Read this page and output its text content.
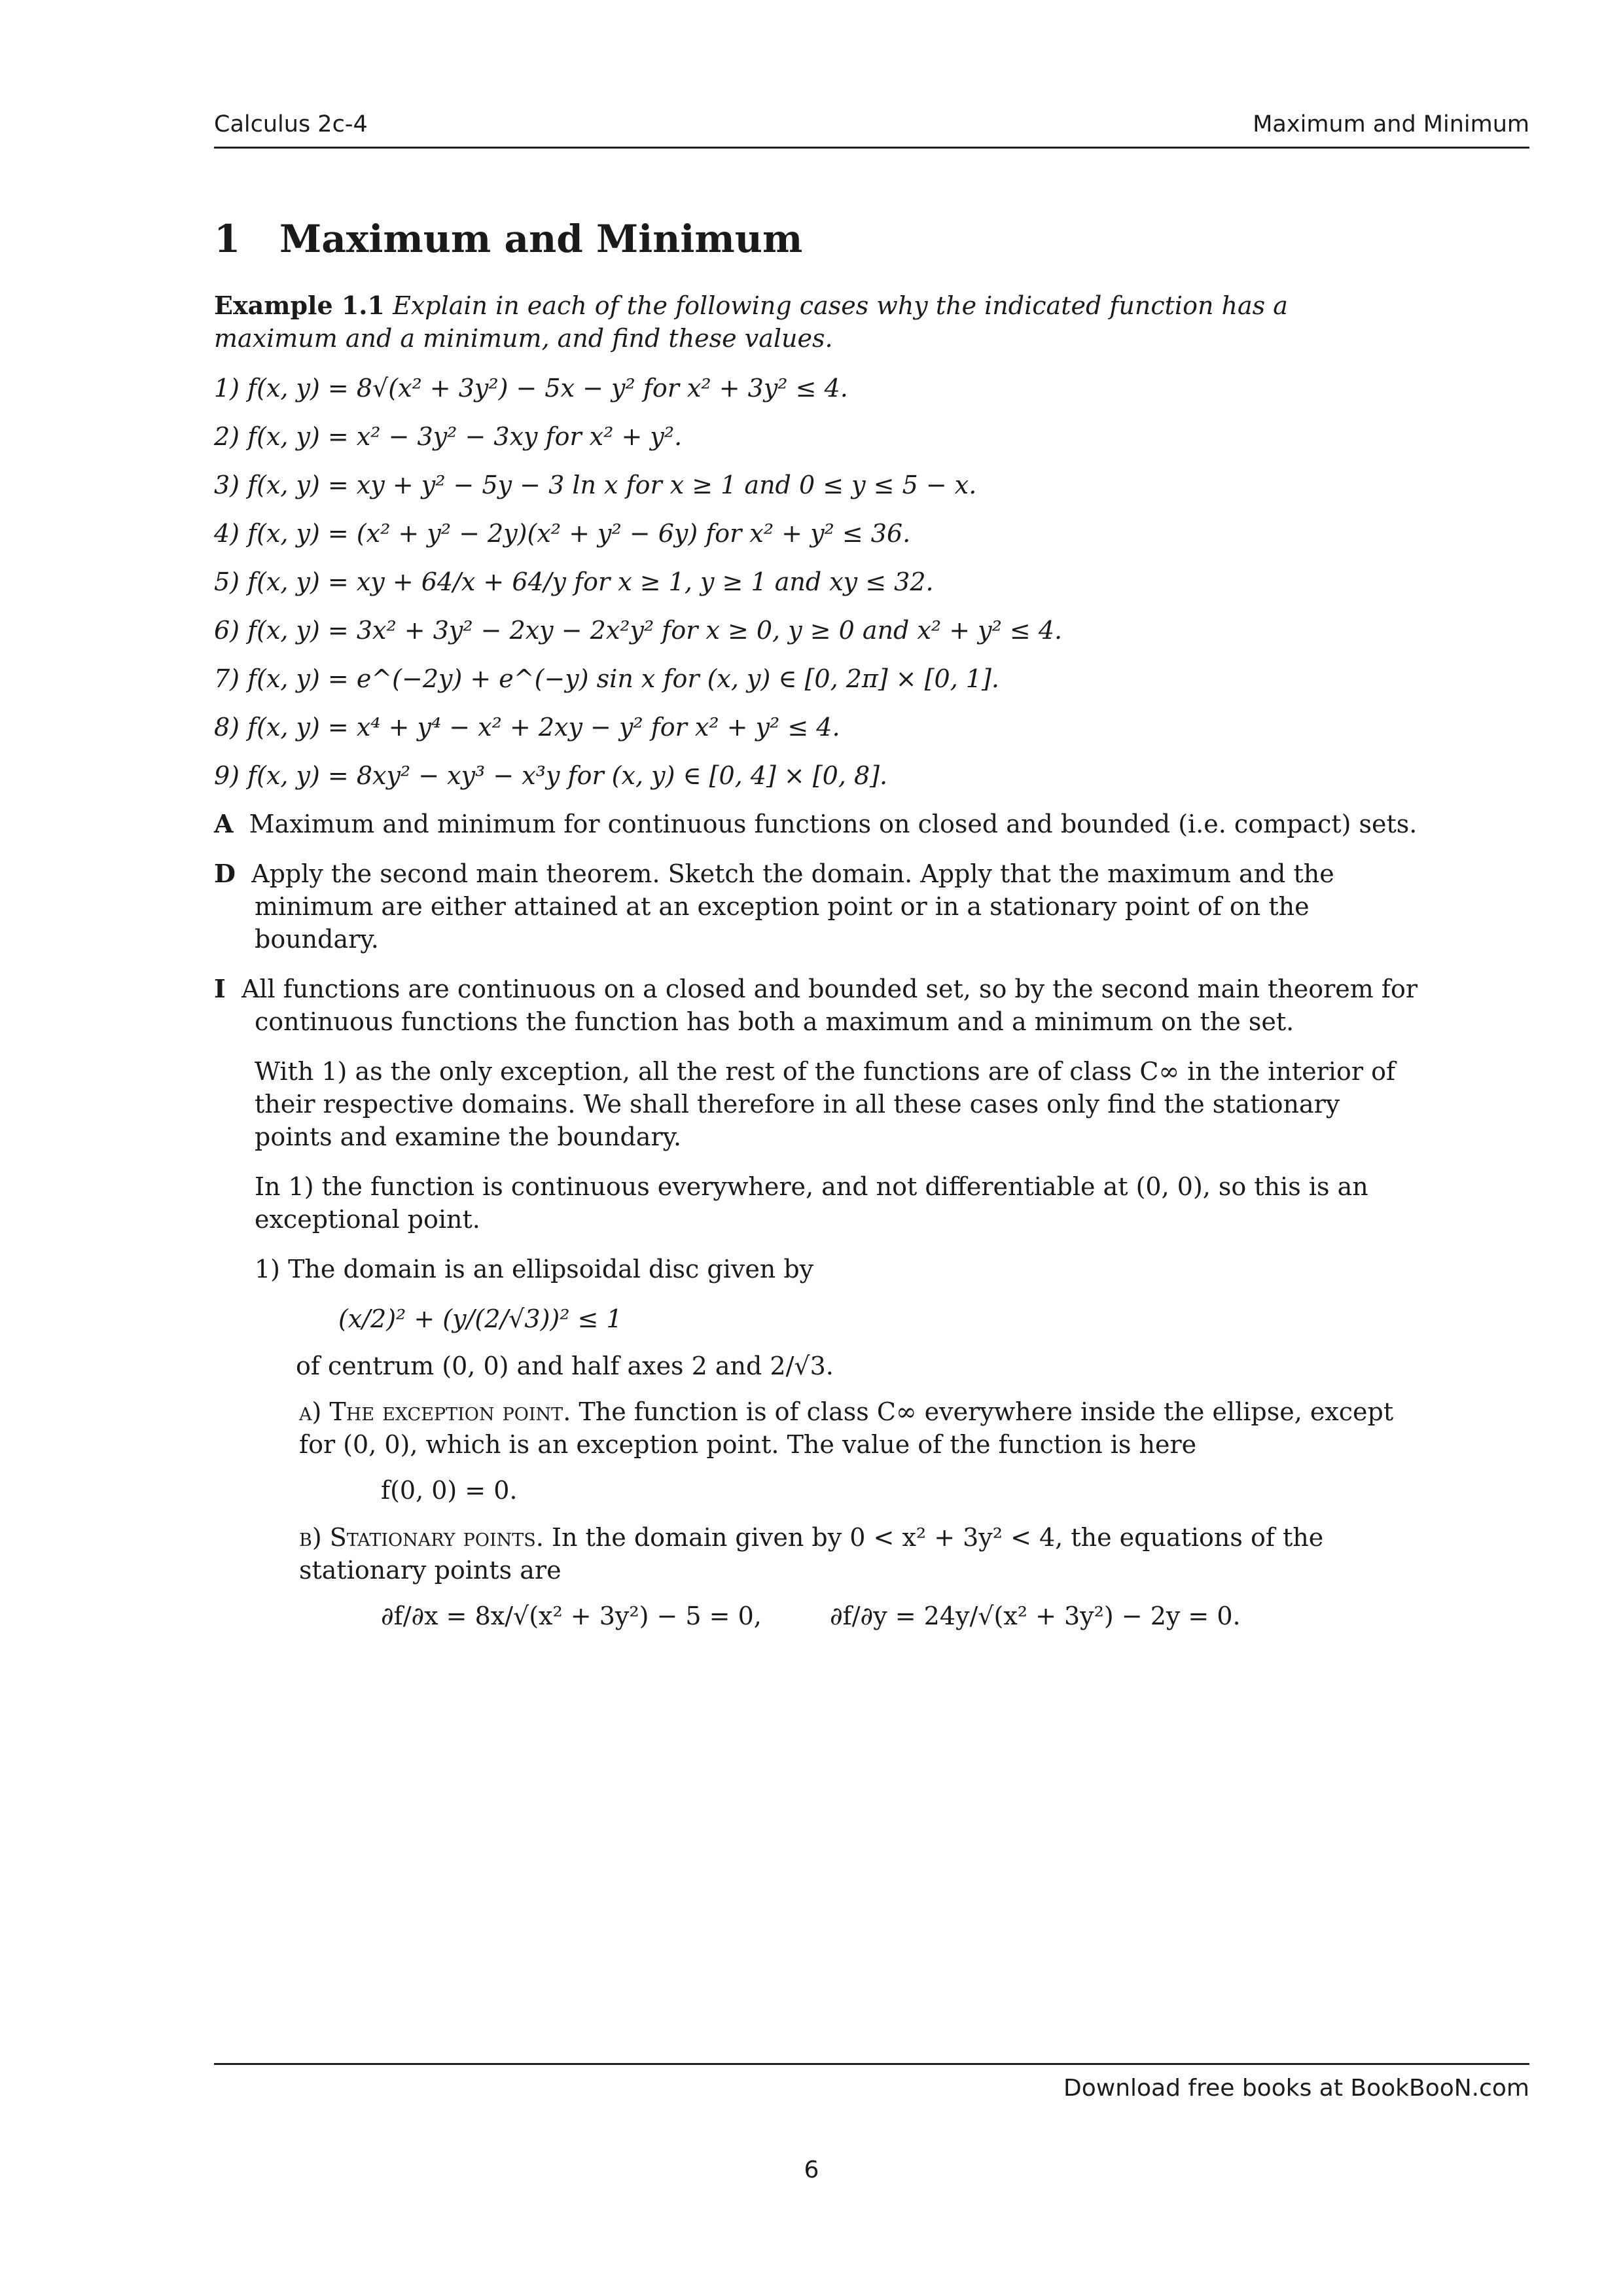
Calculus 2c-4	Maximum and Minimum
1 Maximum and Minimum
Example 1.1 Explain in each of the following cases why the indicated function has a maximum and a minimum, and find these values.
1) f(x, y) = 8√(x² + 3y²) − 5x − y² for x² + 3y² ≤ 4.
2) f(x, y) = x² − 3y² − 3xy for x² + y².
3) f(x, y) = xy + y² − 5y − 3 ln x for x ≥ 1 and 0 ≤ y ≤ 5 − x.
4) f(x, y) = (x² + y² − 2y)(x² + y² − 6y) for x² + y² ≤ 36.
5) f(x, y) = xy + 64/x + 64/y for x ≥ 1, y ≥ 1 and xy ≤ 32.
6) f(x, y) = 3x² + 3y² − 2xy − 2x²y² for x ≥ 0, y ≥ 0 and x² + y² ≤ 4.
7) f(x, y) = e^(−2y) + e^(−y) sin x for (x, y) ∈ [0, 2π] × [0, 1].
8) f(x, y) = x⁴ + y⁴ − x² + 2xy − y² for x² + y² ≤ 4.
9) f(x, y) = 8xy² − xy³ − x³y for (x, y) ∈ [0, 4] × [0, 8].
A Maximum and minimum for continuous functions on closed and bounded (i.e. compact) sets.
D Apply the second main theorem. Sketch the domain. Apply that the maximum and the minimum are either attained at an exception point or in a stationary point of on the boundary.
I All functions are continuous on a closed and bounded set, so by the second main theorem for continuous functions the function has both a maximum and a minimum on the set.
With 1) as the only exception, all the rest of the functions are of class C∞ in the interior of their respective domains. We shall therefore in all these cases only find the stationary points and examine the boundary.
In 1) the function is continuous everywhere, and not differentiable at (0, 0), so this is an exceptional point.
1) The domain is an ellipsoidal disc given by
(x/2)² + (y/(2/√3))² ≤ 1
of centrum (0, 0) and half axes 2 and 2/√3.
a) The exception point. The function is of class C∞ everywhere inside the ellipse, except for (0, 0), which is an exception point. The value of the function is here
f(0, 0) = 0.
b) Stationary points. In the domain given by 0 < x² + 3y² < 4, the equations of the stationary points are
∂f/∂x = 8x/√(x² + 3y²) − 5 = 0,	∂f/∂y = 24y/√(x² + 3y²) − 2y = 0.
Download free books at BookBooN.com
6
